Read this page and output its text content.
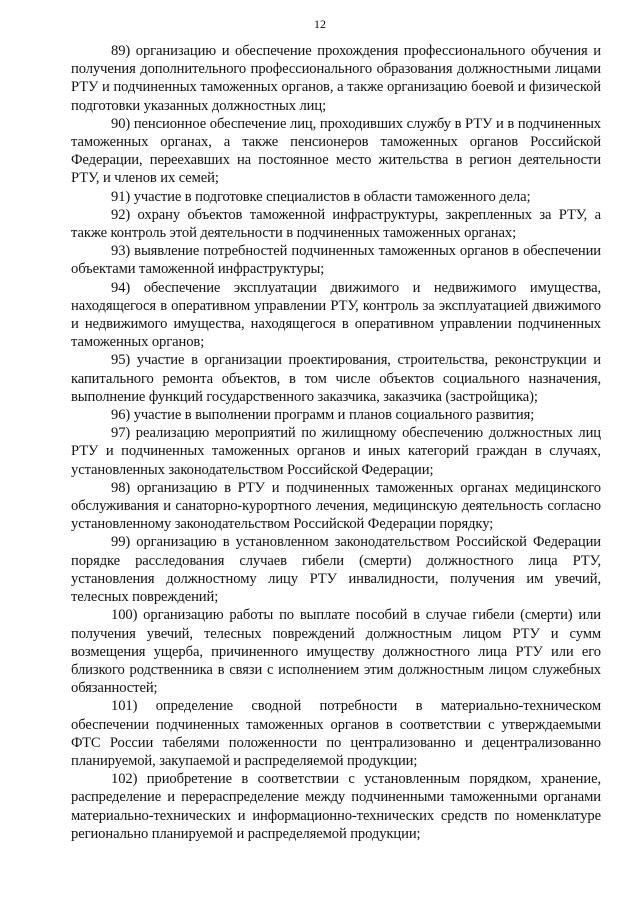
12

89) организацию и обеспечение прохождения профессионального обучения и получения дополнительного профессионального образования должностными лицами РТУ и подчиненных таможенных органов, а также организацию боевой и физической подготовки указанных должностных лиц;

90) пенсионное обеспечение лиц, проходивших службу в РТУ и в подчиненных таможенных органах, а также пенсионеров таможенных органов Российской Федерации, переехавших на постоянное место жительства в регион деятельности РТУ, и членов их семей;

91) участие в подготовке специалистов в области таможенного дела;

92) охрану объектов таможенной инфраструктуры, закрепленных за РТУ, а также контроль этой деятельности в подчиненных таможенных органах;

93) выявление потребностей подчиненных таможенных органов в обеспечении объектами таможенной инфраструктуры;

94) обеспечение эксплуатации движимого и недвижимого имущества, находящегося в оперативном управлении РТУ, контроль за эксплуатацией движимого и недвижимого имущества, находящегося в оперативном управлении подчиненных таможенных органов;

95) участие в организации проектирования, строительства, реконструкции и капитального ремонта объектов, в том числе объектов социального назначения, выполнение функций государственного заказчика, заказчика (застройщика);

96) участие в выполнении программ и планов социального развития;

97) реализацию мероприятий по жилищному обеспечению должностных лиц РТУ и подчиненных таможенных органов и иных категорий граждан в случаях, установленных законодательством Российской Федерации;

98) организацию в РТУ и подчиненных таможенных органах медицинского обслуживания и санаторно-курортного лечения, медицинскую деятельность согласно установленному законодательством Российской Федерации порядку;

99) организацию в установленном законодательством Российской Федерации порядке расследования случаев гибели (смерти) должностного лица РТУ, установления должностному лицу РТУ инвалидности, получения им увечий, телесных повреждений;

100) организацию работы по выплате пособий в случае гибели (смерти) или получения увечий, телесных повреждений должностным лицом РТУ и сумм возмещения ущерба, причиненного имуществу должностного лица РТУ или его близкого родственника в связи с исполнением этим должностным лицом служебных обязанностей;

101) определение сводной потребности в материально-техническом обеспечении подчиненных таможенных органов в соответствии с утверждаемыми ФТС России табелями положенности по централизованно и децентрализованно планируемой, закупаемой и распределяемой продукции;

102) приобретение в соответствии с установленным порядком, хранение, распределение и перераспределение между подчиненными таможенными органами материально-технических и информационно-технических средств по номенклатуре регионально планируемой и распределяемой продукции;
